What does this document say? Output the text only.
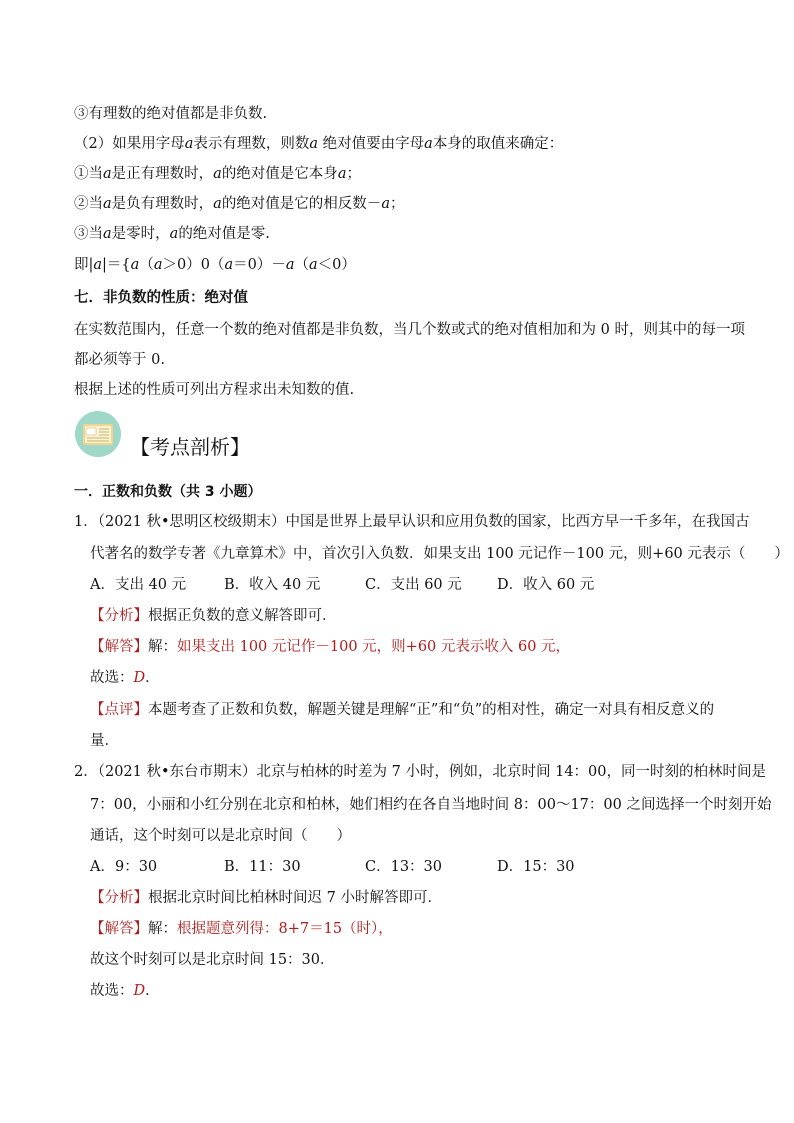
③有理数的绝对值都是非负数.
（2）如果用字母a表示有理数，则数a 绝对值要由字母a本身的取值来确定：
①当a是正有理数时，a的绝对值是它本身a；
②当a是负有理数时，a的绝对值是它的相反数－a；
③当a是零时，a的绝对值是零.
即|a|＝{a（a＞0）0（a＝0）－a（a＜0）
七．非负数的性质：绝对值
在实数范围内，任意一个数的绝对值都是非负数，当几个数或式的绝对值相加和为 0 时，则其中的每一项
都必须等于 0.
根据上述的性质可列出方程求出未知数的值.
【考点剖析】
一．正数和负数（共 3 小题）
1．（2021 秋•思明区校级期末）中国是世界上最早认识和应用负数的国家，比西方早一千多年，在我国古
代著名的数学专著《九章算术》中，首次引入负数．如果支出 100 元记作－100 元，则+60 元表示（　　）
A．支出 40 元	B．收入 40 元	C．支出 60 元 D．收入 60 元
【分析】根据正负数的意义解答即可．
【解答】解：如果支出 100 元记作－100 元，则+60 元表示收入 60 元，
故选：D．
【点评】本题考查了正数和负数，解题关键是理解“正”和“负”的相对性，确定一对具有相反意义的
量．
2．（2021 秋•东台市期末）北京与柏林的时差为 7 小时，例如，北京时间 14：00，同一时刻的柏林时间是
7：00，小丽和小红分别在北京和柏林，她们相约在各自当地时间 8：00～17：00 之间选择一个时刻开始
通话，这个时刻可以是北京时间（　　）
A．9：30	B．11：30	C．13：30	D．15：30
【分析】根据北京时间比柏林时间迟 7 小时解答即可．
【解答】解：根据题意列得：8+7＝15（时），
故这个时刻可以是北京时间 15：30．
故选：D．
